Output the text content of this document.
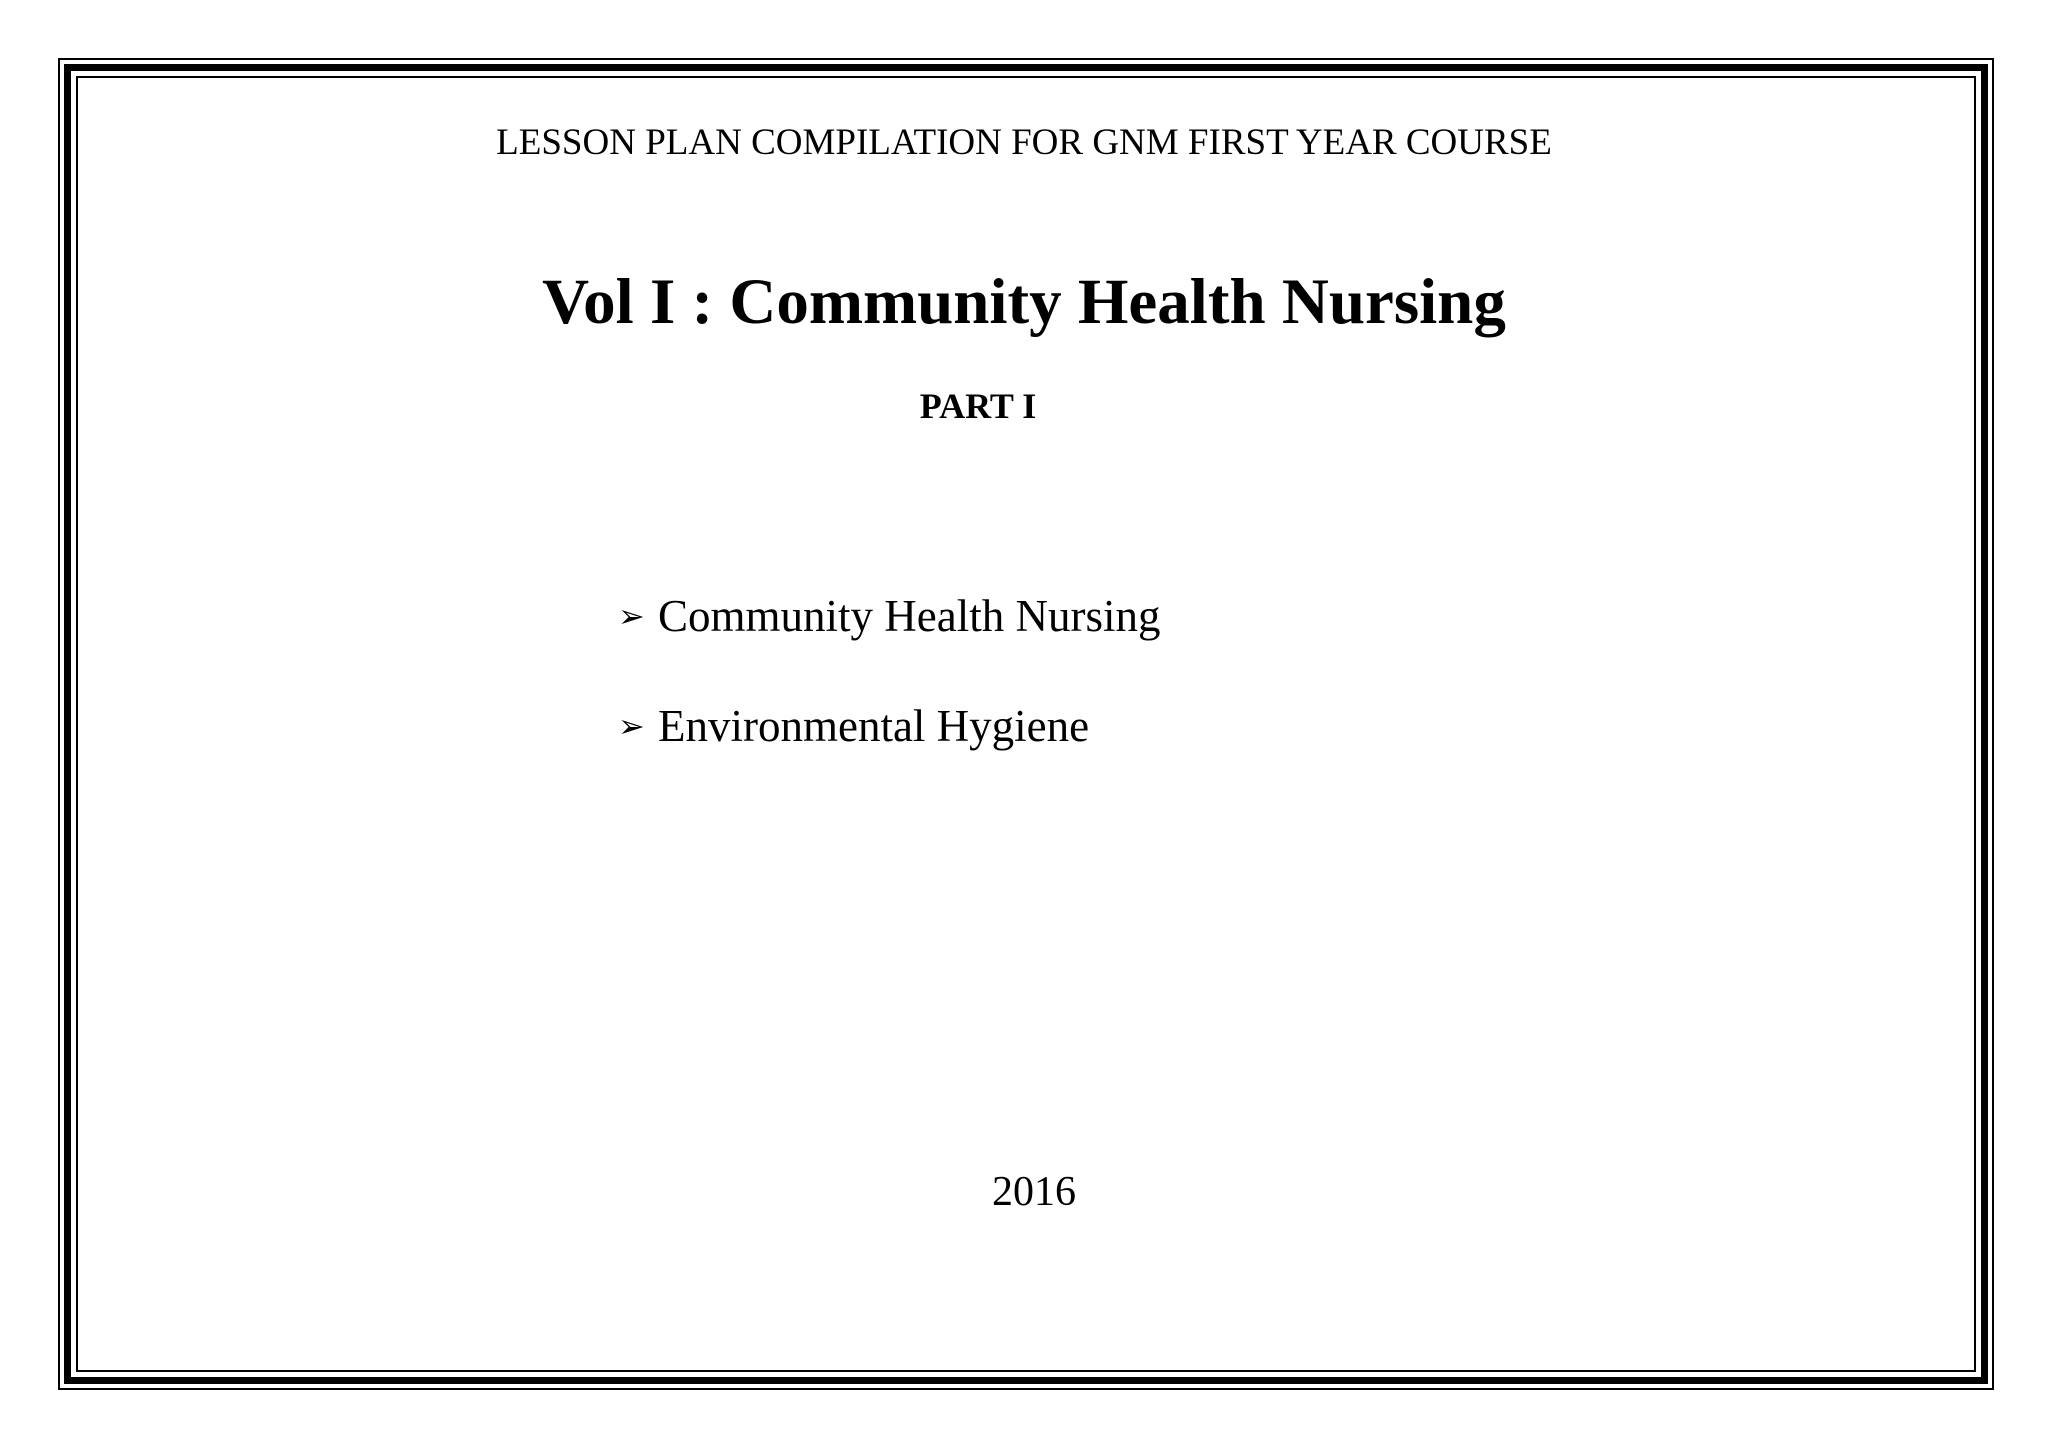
LESSON PLAN COMPILATION FOR GNM FIRST YEAR COURSE
Vol I : Community Health Nursing
PART I
➢ Community Health Nursing
➢ Environmental Hygiene
2016
